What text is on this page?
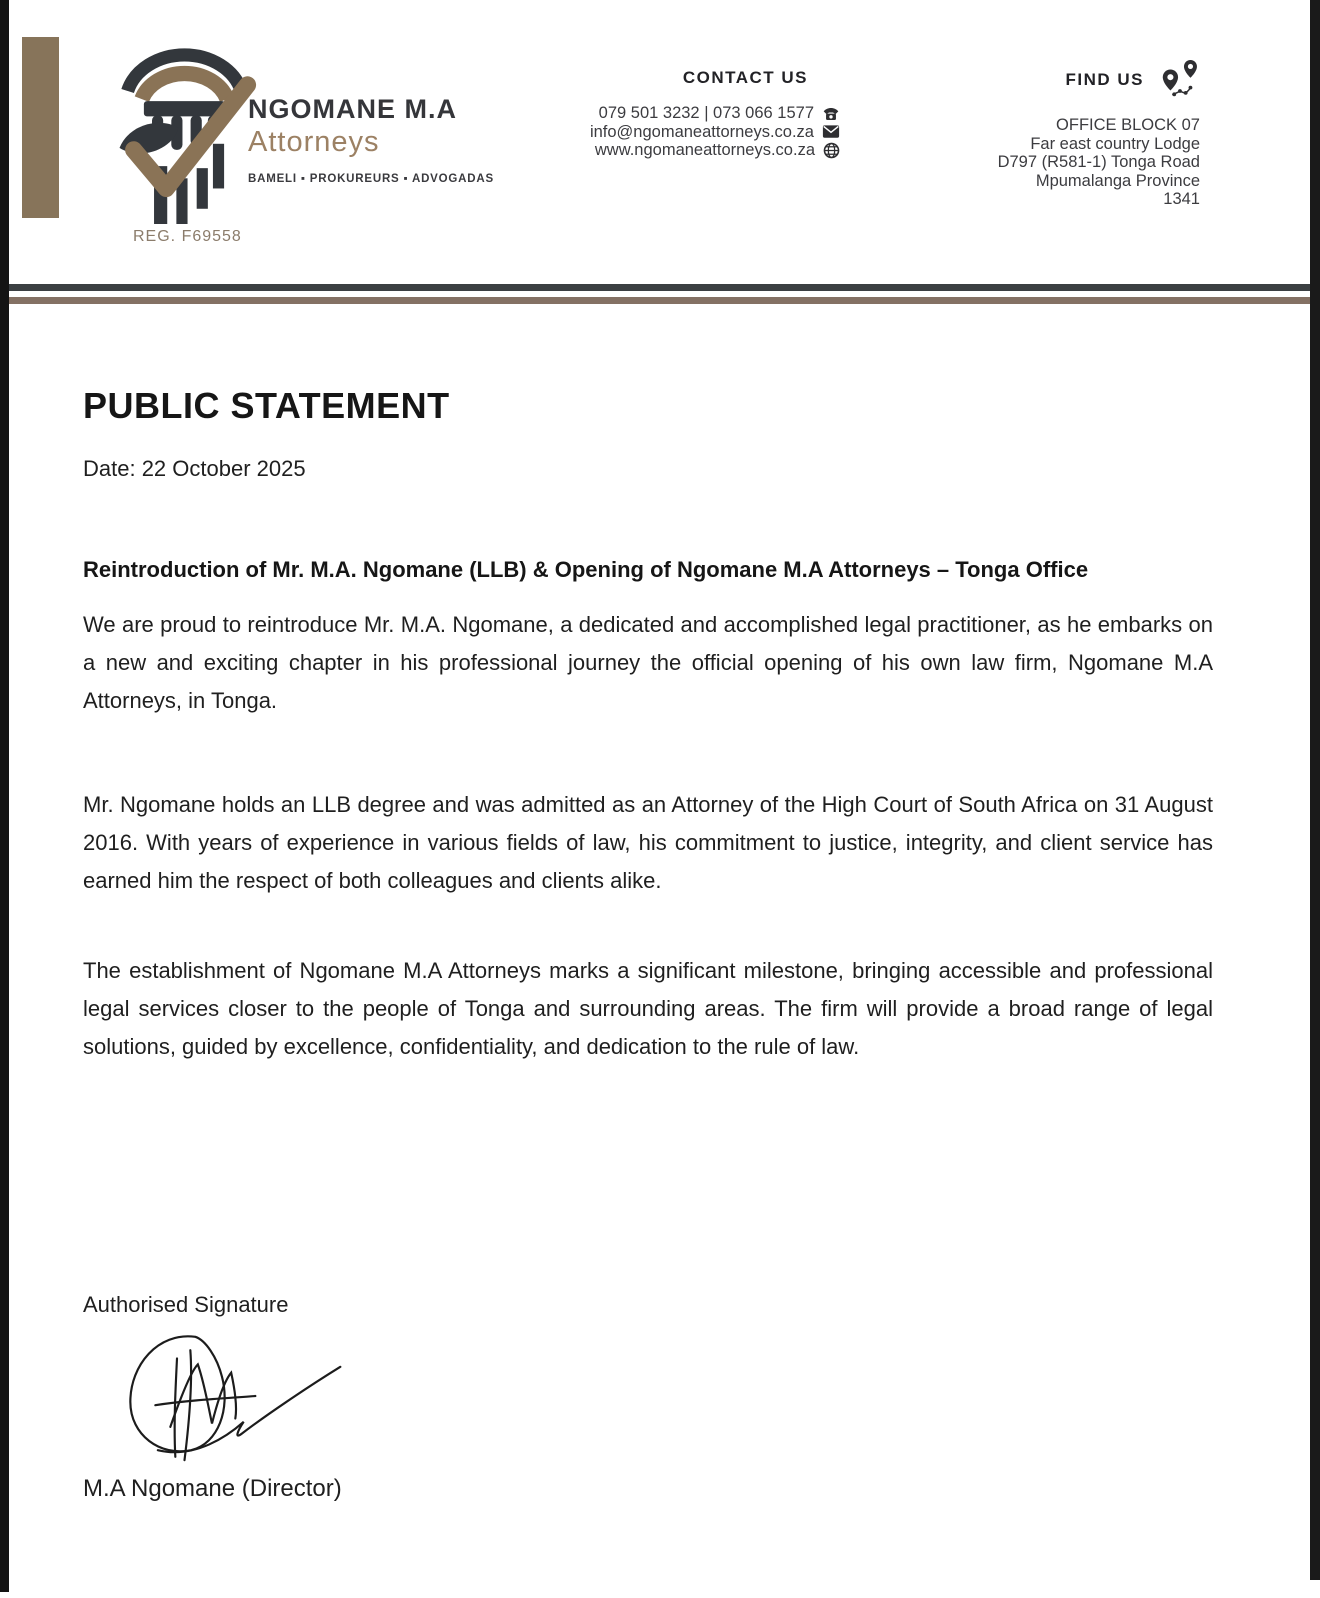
NGOMANE M.A
Attorneys
BAMELI ▪ PROKUREURS ▪ ADVOGADAS
REG. F69558
CONTACT US
079 501 3232 | 073 066 1577
info@ngomaneattorneys.co.za
www.ngomaneattorneys.co.za
FIND US
OFFICE BLOCK 07
Far east country Lodge
D797 (R581-1) Tonga Road
Mpumalanga Province
1341
PUBLIC STATEMENT
Date: 22 October 2025
Reintroduction of Mr. M.A. Ngomane (LLB) & Opening of Ngomane M.A Attorneys – Tonga Office
We are proud to reintroduce Mr. M.A. Ngomane, a dedicated and accomplished legal practitioner, as he embarks on a new and exciting chapter in his professional journey the official opening of his own law firm, Ngomane M.A Attorneys, in Tonga.
Mr. Ngomane holds an LLB degree and was admitted as an Attorney of the High Court of South Africa on 31 August 2016. With years of experience in various fields of law, his commitment to justice, integrity, and client service has earned him the respect of both colleagues and clients alike.
The establishment of Ngomane M.A Attorneys marks a significant milestone, bringing accessible and professional legal services closer to the people of Tonga and surrounding areas. The firm will provide a broad range of legal solutions, guided by excellence, confidentiality, and dedication to the rule of law.
Authorised Signature
M.A Ngomane (Director)
